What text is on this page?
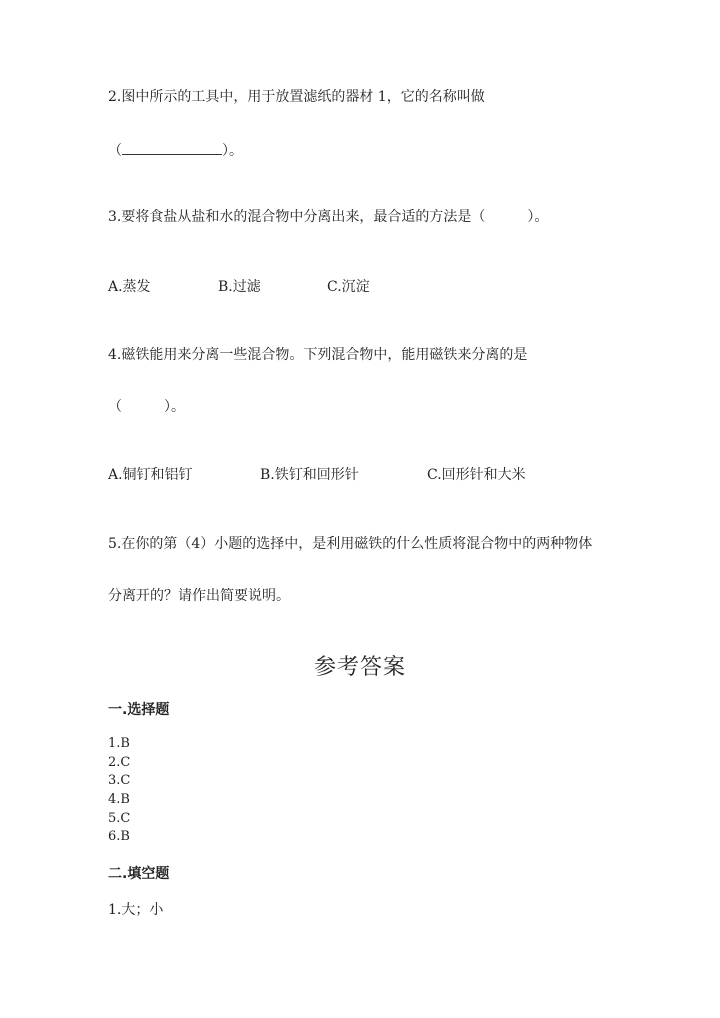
2.图中所示的工具中，用于放置滤纸的器材 1，它的名称叫做
（	）。
3.要将食盐从盐和水的混合物中分离出来，最合适的方法是（　　　）。
A.蒸发	B.过滤	C.沉淀
4.磁铁能用来分离一些混合物。下列混合物中，能用磁铁来分离的是
（　　　）。
A.铜钉和铝钉	B.铁钉和回形针	C.回形针和大米
5.在你的第（4）小题的选择中，是利用磁铁的什么性质将混合物中的两种物体
分离开的？请作出简要说明。
参考答案
一.选择题
1.B
2.C
3.C
4.B
5.C
6.B
二.填空题
1.大；小
